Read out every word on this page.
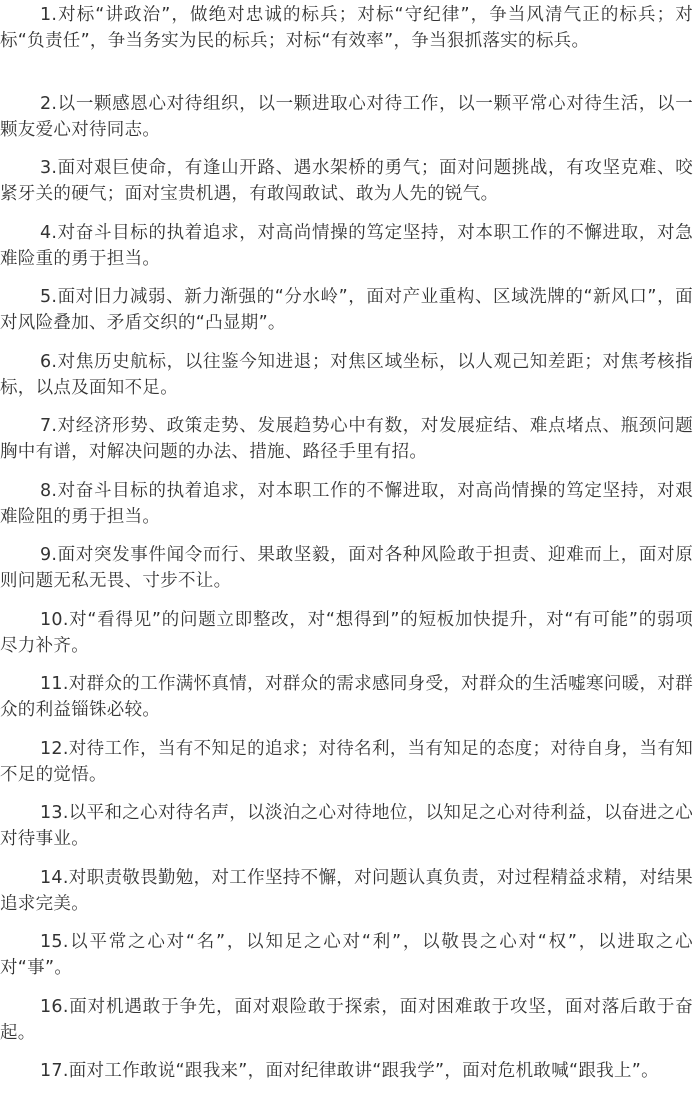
1.对标“讲政治”，做绝对忠诚的标兵；对标“守纪律”，争当风清气正的标兵；对标“负责任”，争当务实为民的标兵；对标“有效率”，争当狠抓落实的标兵。

2.以一颗感恩心对待组织，以一颗进取心对待工作，以一颗平常心对待生活，以一颗友爱心对待同志。

3.面对艰巨使命，有逢山开路、遇水架桥的勇气；面对问题挑战，有攻坚克难、咬紧牙关的硬气；面对宝贵机遇，有敢闯敢试、敢为人先的锐气。

4.对奋斗目标的执着追求，对高尚情操的笃定坚持，对本职工作的不懈进取，对急难险重的勇于担当。

5.面对旧力减弱、新力渐强的“分水岭”，面对产业重构、区域洗牌的“新风口”，面对风险叠加、矛盾交织的“凸显期”。

6.对焦历史航标，以往鉴今知进退；对焦区域坐标，以人观己知差距；对焦考核指标，以点及面知不足。

7.对经济形势、政策走势、发展趋势心中有数，对发展症结、难点堵点、瓶颈问题胸中有谱，对解决问题的办法、措施、路径手里有招。

8.对奋斗目标的执着追求，对本职工作的不懈进取，对高尚情操的笃定坚持，对艰难险阻的勇于担当。

9.面对突发事件闻令而行、果敢坚毅，面对各种风险敢于担责、迎难而上，面对原则问题无私无畏、寸步不让。

10.对“看得见”的问题立即整改，对“想得到”的短板加快提升，对“有可能”的弱项尽力补齐。

11.对群众的工作满怀真情，对群众的需求感同身受，对群众的生活嘘寒问暖，对群众的利益锱铢必较。

12.对待工作，当有不知足的追求；对待名利，当有知足的态度；对待自身，当有知不足的觉悟。

13.以平和之心对待名声，以淡泊之心对待地位，以知足之心对待利益，以奋进之心对待事业。

14.对职责敬畏勤勉，对工作坚持不懈，对问题认真负责，对过程精益求精，对结果追求完美。

15.以平常之心对“名”，以知足之心对“利”，以敬畏之心对“权”，以进取之心对“事”。

16.面对机遇敢于争先，面对艰险敢于探索，面对困难敢于攻坚，面对落后敢于奋起。

17.面对工作敢说“跟我来”，面对纪律敢讲“跟我学”，面对危机敢喊“跟我上”。
